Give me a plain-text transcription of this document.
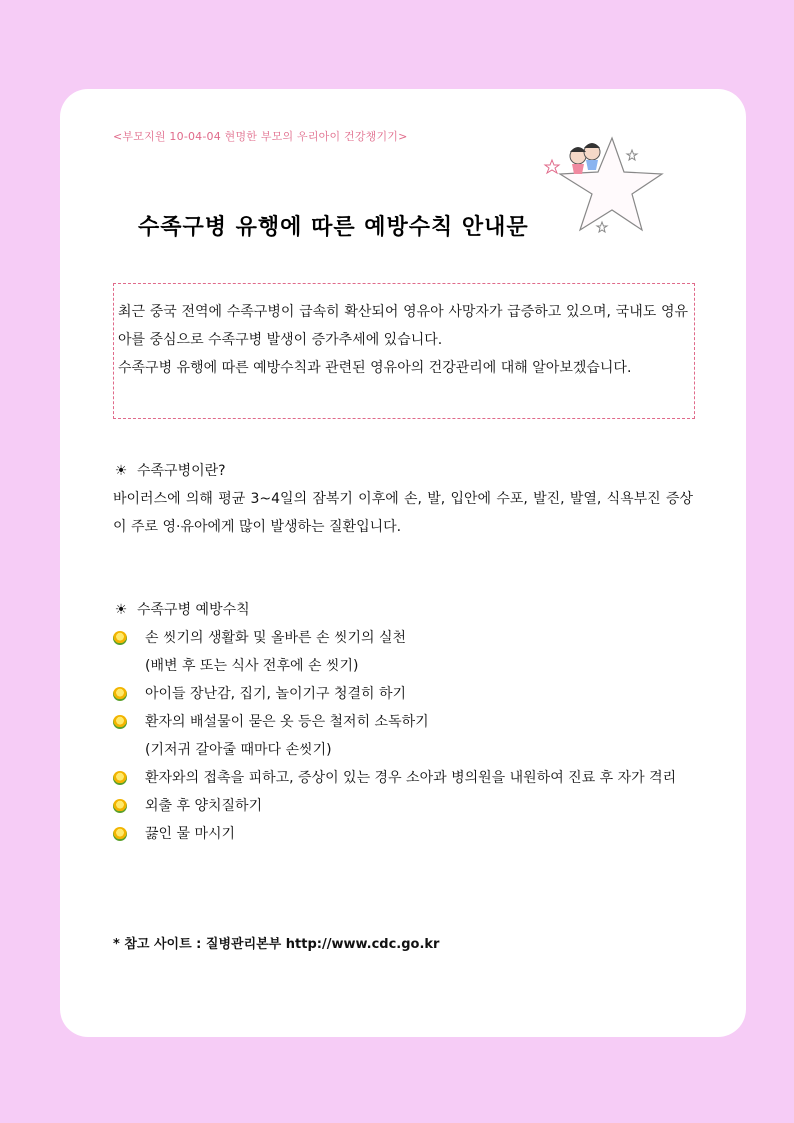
<부모지원 10-04-04 현명한 부모의 우리아이 건강챙기기>
수족구병 유행에 따른 예방수칙 안내문

최근 중국 전역에 수족구병이 급속히 확산되어 영유아 사망자가 급증하고 있으며, 국내도 영유아를 중심으로 수족구병 발생이 증가추세에 있습니다.

수족구병 유행에 따른 예방수칙과 관련된 영유아의 건강관리에 대해 알아보겠습니다.

☀ 수족구병이란?
바이러스에 의해 평균 3~4일의 잠복기 이후에 손, 발, 입안에 수포, 발진, 발열, 식욕부진 증상이 주로 영·유아에게 많이 발생하는 질환입니다.
☀ 수족구병 예방수칙
손 씻기의 생활화 및 올바른 손 씻기의 실천
(배변 후 또는 식사 전후에 손 씻기)
아이들 장난감, 집기, 놀이기구 청결히 하기
환자의 배설물이 묻은 옷 등은 철저히 소독하기
(기저귀 갈아줄 때마다 손씻기)
환자와의 접촉을 피하고, 증상이 있는 경우 소아과 병의원을 내원하여 진료 후 자가 격리
외출 후 양치질하기
끓인 물 마시기
* 참고 사이트 : 질병관리본부 http://www.cdc.go.kr
